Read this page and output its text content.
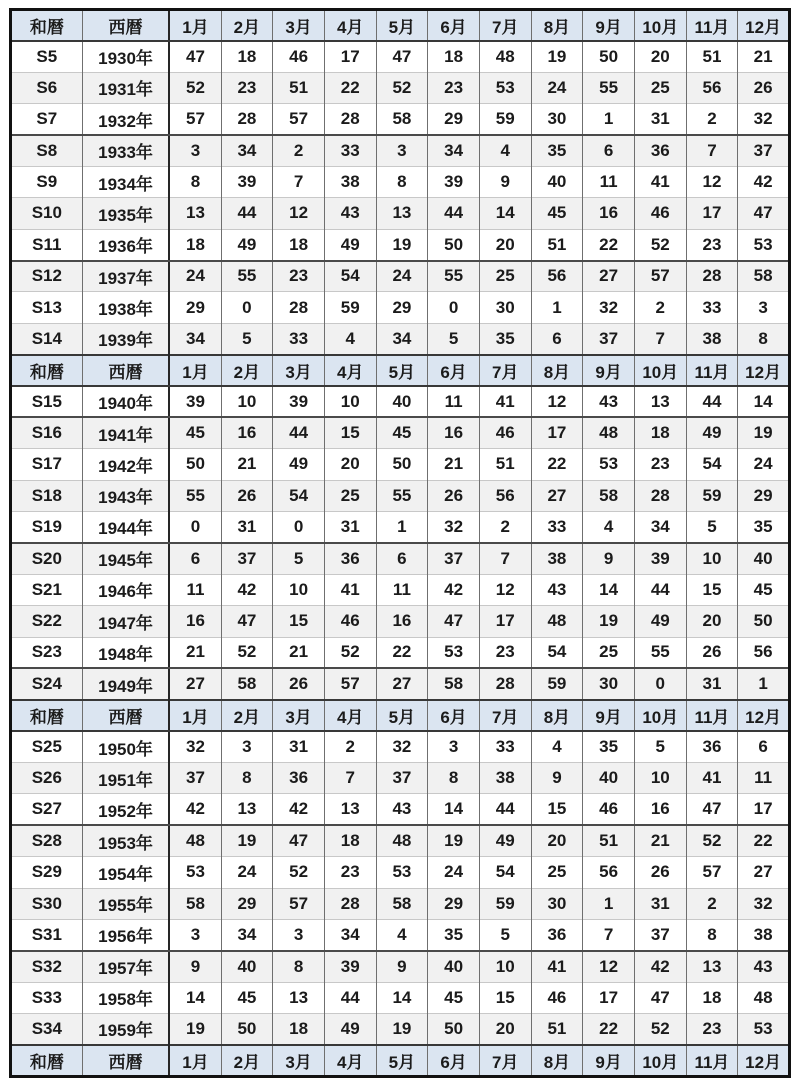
和暦	西暦	1月	2月	3月	4月	5月	6月	7月	8月	9月	10月	11月	12月
S5	1930年	47	18	46	17	47	18	48	19	50	20	51	21
S6	1931年	52	23	51	22	52	23	53	24	55	25	56	26
S7	1932年	57	28	57	28	58	29	59	30	1	31	2	32
S8	1933年	3	34	2	33	3	34	4	35	6	36	7	37
S9	1934年	8	39	7	38	8	39	9	40	11	41	12	42
S10	1935年	13	44	12	43	13	44	14	45	16	46	17	47
S11	1936年	18	49	18	49	19	50	20	51	22	52	23	53
S12	1937年	24	55	23	54	24	55	25	56	27	57	28	58
S13	1938年	29	0	28	59	29	0	30	1	32	2	33	3
S14	1939年	34	5	33	4	34	5	35	6	37	7	38	8
和暦	西暦	1月	2月	3月	4月	5月	6月	7月	8月	9月	10月	11月	12月
S15	1940年	39	10	39	10	40	11	41	12	43	13	44	14
S16	1941年	45	16	44	15	45	16	46	17	48	18	49	19
S17	1942年	50	21	49	20	50	21	51	22	53	23	54	24
S18	1943年	55	26	54	25	55	26	56	27	58	28	59	29
S19	1944年	0	31	0	31	1	32	2	33	4	34	5	35
S20	1945年	6	37	5	36	6	37	7	38	9	39	10	40
S21	1946年	11	42	10	41	11	42	12	43	14	44	15	45
S22	1947年	16	47	15	46	16	47	17	48	19	49	20	50
S23	1948年	21	52	21	52	22	53	23	54	25	55	26	56
S24	1949年	27	58	26	57	27	58	28	59	30	0	31	1
和暦	西暦	1月	2月	3月	4月	5月	6月	7月	8月	9月	10月	11月	12月
S25	1950年	32	3	31	2	32	3	33	4	35	5	36	6
S26	1951年	37	8	36	7	37	8	38	9	40	10	41	11
S27	1952年	42	13	42	13	43	14	44	15	46	16	47	17
S28	1953年	48	19	47	18	48	19	49	20	51	21	52	22
S29	1954年	53	24	52	23	53	24	54	25	56	26	57	27
S30	1955年	58	29	57	28	58	29	59	30	1	31	2	32
S31	1956年	3	34	3	34	4	35	5	36	7	37	8	38
S32	1957年	9	40	8	39	9	40	10	41	12	42	13	43
S33	1958年	14	45	13	44	14	45	15	46	17	47	18	48
S34	1959年	19	50	18	49	19	50	20	51	22	52	23	53
和暦	西暦	1月	2月	3月	4月	5月	6月	7月	8月	9月	10月	11月	12月
